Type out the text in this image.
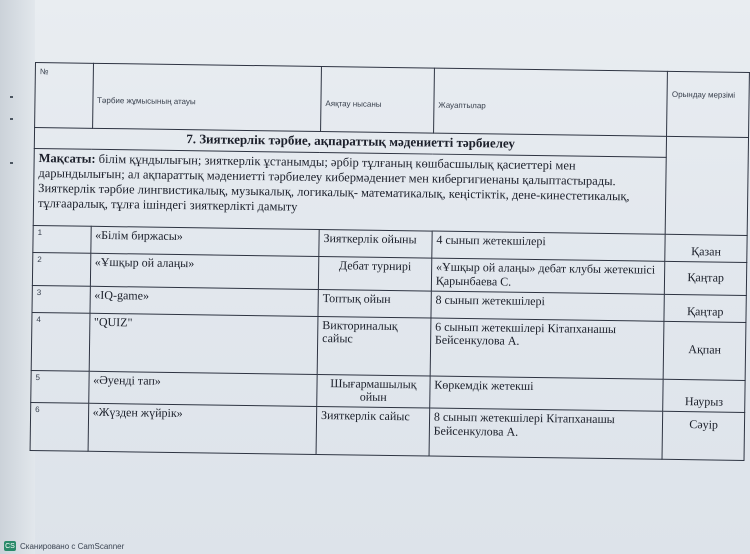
№	Тәрбие жұмысының атауы	Аяқтау нысаны	Жауаптылар	Орындау мерзімі

7. Зияткерлік тәрбие, ақпараттық мәдениетті тәрбиелеу				
Мақсаты: білім құндылығын; зияткерлік ұстанымды; әрбір тұлғаның көшбасшылық қасиеттері мен дарындылығын; ал ақпараттық мәдениетті тәрбиелеу кибермәдениет мен кибергигиенаны қалыптастырады. Зияткерлік тәрбие лингвистикалық, музыкалық, логикалық- математикалық, кеңістіктік, дене-кинестетикалық, тұлғааралық, тұлға ішіндегі зияткерлікті дамыту				
1	«Білім биржасы»	Зияткерлік ойыны	4 сынып жетекшілері	Қазан
2	«Ұшқыр ой алаңы»	Дебат турнирі	«Ұшқыр ой алаңы» дебат клубы жетекшісі Қарынбаева С.	Қаңтар
3	«IQ-game»	Топтық ойын	8 сынып жетекшілері	Қаңтар
4	"QUIZ"	Викториналық сайыс	6 сынып жетекшілері Кітапханашы Бейсенкулова А.	Ақпан
5	«Әуенді тап»	Шығармашылық ойын	Көркемдік жетекші	Наурыз
6	«Жүзден жүйрік»	Зияткерлік сайыс	8 сынып жетекшілері Кітапханашы Бейсенкулова А.	Сәуір
CS Сканировано с CamScanner
